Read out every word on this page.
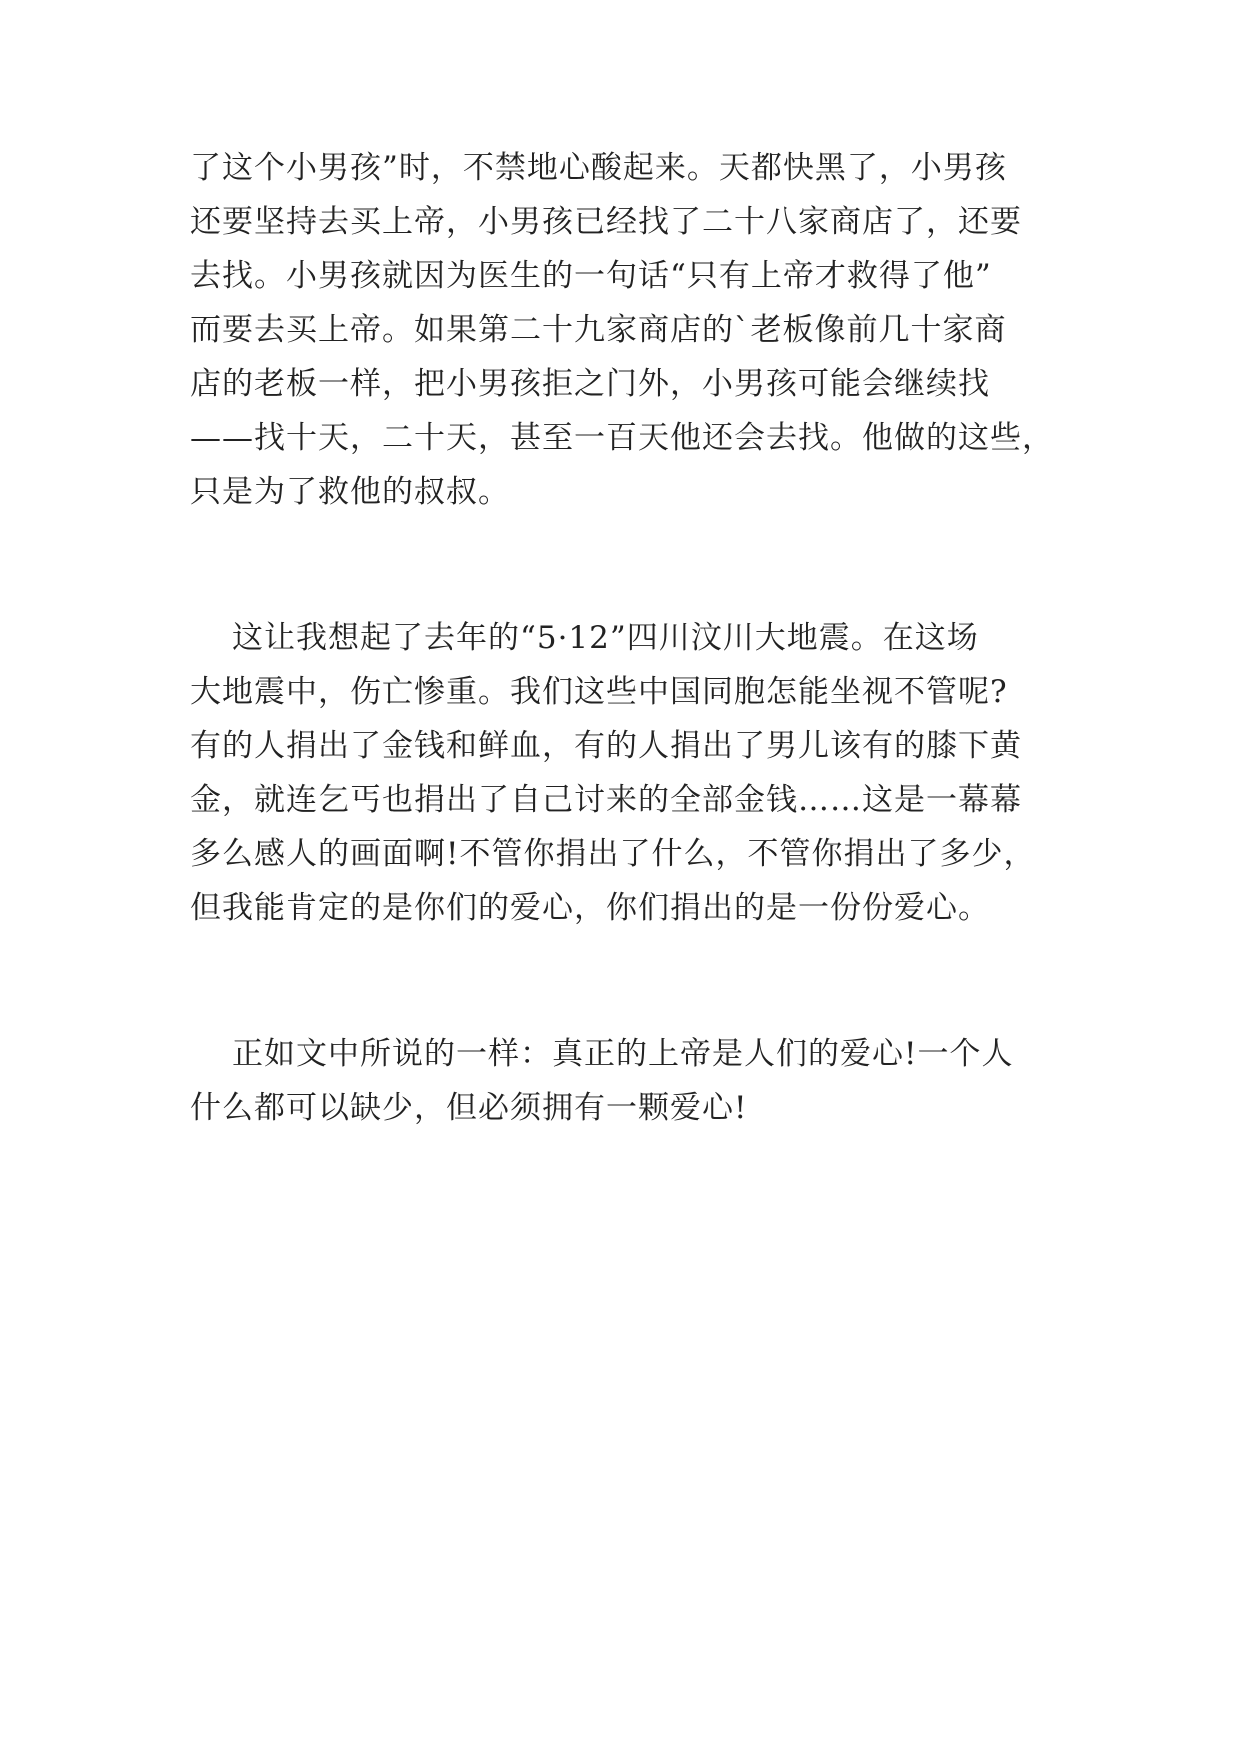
了这个小男孩”时，不禁地心酸起来。天都快黑了，小男孩
还要坚持去买上帝，小男孩已经找了二十八家商店了，还要
去找。小男孩就因为医生的一句话“只有上帝才救得了他”
而要去买上帝。如果第二十九家商店的`老板像前几十家商
店的老板一样，把小男孩拒之门外，小男孩可能会继续找
——找十天，二十天，甚至一百天他还会去找。他做的这些，
只是为了救他的叔叔。
这让我想起了去年的“5·12”四川汶川大地震。在这场
大地震中，伤亡惨重。我们这些中国同胞怎能坐视不管呢?
有的人捐出了金钱和鲜血，有的人捐出了男儿该有的膝下黄
金，就连乞丐也捐出了自己讨来的全部金钱……这是一幕幕
多么感人的画面啊!不管你捐出了什么，不管你捐出了多少，
但我能肯定的是你们的爱心，你们捐出的是一份份爱心。
正如文中所说的一样：真正的上帝是人们的爱心!一个人
什么都可以缺少，但必须拥有一颗爱心!
